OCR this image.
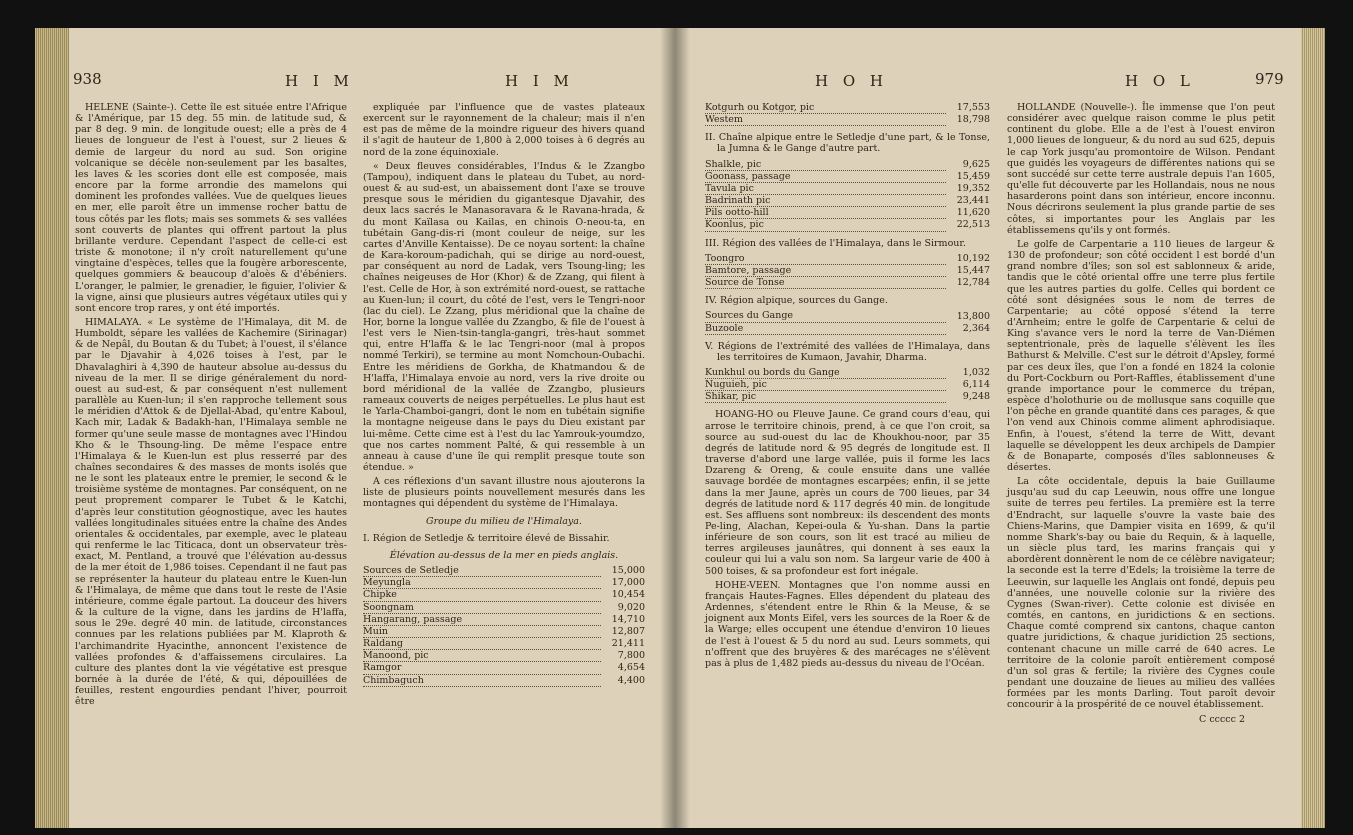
938	H I M	H I M

HELENE (Sainte-). Cette île est située entre l'Afrique & l'Amérique, par 15 deg. 55 min. de latitude sud, & par 8 deg. 9 min. de longitude ouest; elle a près de 4 lieues de longueur de l'est à l'ouest, sur 2 lieues & demie de largeur du nord au sud. Son origine volcanique se décèle non-seulement par les basaltes, les laves & les scories dont elle est composée, mais encore par la forme arrondie des mamelons qui dominent les profondes vallées. Vue de quelques lieues en mer, elle paroît être un immense rocher battu de tous côtés par les flots; mais ses sommets & ses vallées sont couverts de plantes qui offrent partout la plus brillante verdure. Cependant l'aspect de celle-ci est triste & monotone; il n'y croît naturellement qu'une vingtaine d'espèces, telles que la fougère arborescente, quelques gommiers & beaucoup d'aloès & d'ébéniers. L'oranger, le palmier, le grenadier, le figuier, l'olivier & la vigne, ainsi que plusieurs autres végétaux utiles qui y sont encore trop rares, y ont été importés.

HIMALAYA. « Le système de l'Himalaya, dit M. de Humboldt, sépare les vallées de Kachemire (Sirinagar) & de Nepâl, du Boutan & du Tubet; à l'ouest, il s'élance par le Djavahir à 4,026 toises à l'est, par le Dhavalaghiri à 4,390 de hauteur absolue au-dessus du niveau de la mer. Il se dirige généralement du nord-ouest au sud-est, & par conséquent n'est nullement parallèle au Kuen-lun; il s'en rapproche tellement sous le méridien d'Attok & de Djellal-Abad, qu'entre Kaboul, Kach mir, Ladak & Badakh-han, l'Himalaya semble ne former qu'une seule masse de montagnes avec l'Hindou Kho & le Thsoung-ling. De même l'espace entre l'Himalaya & le Kuen-lun est plus resserré par des chaînes secondaires & des masses de monts isolés que ne le sont les plateaux entre le premier, le second & le troisième système de montagnes. Par conséquent, on ne peut proprement comparer le Tubet & le Katchi, d'après leur constitution géognostique, avec les hautes vallées longitudinales situées entre la chaîne des Andes orientales & occidentales, par exemple, avec le plateau qui renferme le lac Titicaca, dont un observateur très-exact, M. Pentland, a trouvé que l'élévation au-dessus de la mer étoit de 1,986 toises. Cependant il ne faut pas se représenter la hauteur du plateau entre le Kuen-lun & l'Himalaya, de même que dans tout le reste de l'Asie intérieure, comme égale partout. La douceur des hivers & la culture de la vigne, dans les jardins de H'laffa, sous le 29e. degré 40 min. de latitude, circonstances connues par les relations publiées par M. Klaproth & l'archimandrite Hyacinthe, annoncent l'existence de vallées profondes & d'affaissemens circulaires. La culture des plantes dont la vie végétative est presque bornée à la durée de l'été, & qui, dépouillées de feuilles, restent engourdies pendant l'hiver, pourroit être

expliquée par l'influence que de vastes plateaux exercent sur le rayonnement de la chaleur; mais il n'en est pas de même de la moindre rigueur des hivers quand il s'agit de hauteur de 1,800 à 2,000 toises à 6 degrés au nord de la zone équinoxiale.

« Deux fleuves considérables, l'Indus & le Zzangbo (Tampou), indiquent dans le plateau du Tubet, au nord-ouest & au sud-est, un abaissement dont l'axe se trouve presque sous le méridien du gigantesque Djavahir, des deux lacs sacrés le Manasoravara & le Ravana-hrada, & du mont Kaïlasa ou Kailas, en chinois O-neou-ta, en tubétain Gang-dis-ri (mont couleur de neige, sur les cartes d'Anville Kentaisse). De ce noyau sortent: la chaîne de Kara-koroum-padichah, qui se dirige au nord-ouest, par conséquent au nord de Ladak, vers Tsoung-ling; les chaînes neigeuses de Hor (Khor) & de Zzang, qui filent à l'est. Celle de Hor, à son extrémité nord-ouest, se rattache au Kuen-lun; il court, du côté de l'est, vers le Tengri-noor (lac du ciel). Le Zzang, plus méridional que la chaîne de Hor, borne la longue vallée du Zzangbo, & file de l'ouest à l'est vers le Nien-tsin-tangla-gangri, très-haut sommet qui, entre H'laffa & le lac Tengri-noor (mal à propos nommé Terkiri), se termine au mont Nomchoun-Oubachi. Entre les méridiens de Gorkha, de Khatmandou & de H'laffa, l'Himalaya envoie au nord, vers la rive droite ou bord méridional de la vallée de Zzangbo, plusieurs rameaux couverts de neiges perpétuelles. Le plus haut est le Yarla-Chamboi-gangri, dont le nom en tubétain signifie la montagne neigeuse dans le pays du Dieu existant par lui-même. Cette cime est à l'est du lac Yamrouk-youmdzo, que nos cartes nomment Palté, & qui ressemble à un anneau à cause d'une île qui remplit presque toute son étendue. »

A ces réflexions d'un savant illustre nous ajouterons la liste de plusieurs points nouvellement mesurés dans les montagnes qui dépendent du système de l'Himalaya.

Groupe du milieu de l'Himalaya.
I. Région de Setledje & territoire élevé de Bissahir.
Élévation au-dessus de la mer en pieds anglais.
Sources de Setledje	15,000
Meyungla	17,000
Chipke	10,454
Soongnam	9,020
Hangarang, passage	14,710
Muin	12,807
Raldang	21,411
Manoond, pic	7,800
Ramgor	4,654
Chimbaguch	4,400
H O H	H O L	979
Kotgurh ou Kotgor, pic	17,553
Westem	18,798
II. Chaîne alpique entre le Setledje d'une part, & le Tonse, la Jumna & le Gange d'autre part.
Shalkle, pic	9,625
Goonass, passage	15,459
Tavula pic	19,352
Badrinath pic	23,441
Pils ootto-hill	11,620
Koonlus, pic	22,513
III. Région des vallées de l'Himalaya, dans le Sirmour.
Toongro	10,192
Bamtore, passage	15,447
Source de Tonse	12,784
IV. Région alpique, sources du Gange.
Sources du Gange	13,800
Buzoole	2,364
V. Régions de l'extrémité des vallées de l'Himalaya, dans les territoires de Kumaon, Javahir, Dharma.
Kunkhul ou bords du Gange	1,032
Nuguieh, pic	6,114
Shikar, pic	9,248

HOANG-HO ou Fleuve Jaune. Ce grand cours d'eau, qui arrose le territoire chinois, prend, à ce que l'on croit, sa source au sud-ouest du lac de Khoukhou-noor, par 35 degrés de latitude nord & 95 degrés de longitude est. Il traverse d'abord une large vallée, puis il forme les lacs Dzareng & Oreng, & coule ensuite dans une vallée sauvage bordée de montagnes escarpées; enfin, il se jette dans la mer Jaune, après un cours de 700 lieues, par 34 degrés de latitude nord & 117 degrés 40 min. de longitude est. Ses affluens sont nombreux: ils descendent des monts Pe-ling, Alachan, Kepei-oula & Yu-shan. Dans la partie inférieure de son cours, son lit est tracé au milieu de terres argileuses jaunâtres, qui donnent à ses eaux la couleur qui lui a valu son nom. Sa largeur varie de 400 à 500 toises, & sa profondeur est fort inégale.

HOHE-VEEN. Montagnes que l'on nomme aussi en français Hautes-Fagnes. Elles dépendent du plateau des Ardennes, s'étendent entre le Rhin & la Meuse, & se joignent aux Monts Eifel, vers les sources de la Roer & de la Warge; elles occupent une étendue d'environ 10 lieues de l'est à l'ouest & 5 du nord au sud. Leurs sommets, qui n'offrent que des bruyères & des marécages ne s'élèvent pas à plus de 1,482 pieds au-dessus du niveau de l'Océan.

HOLLANDE (Nouvelle-). Île immense que l'on peut considérer avec quelque raison comme le plus petit continent du globe. Elle a de l'est à l'ouest environ 1,000 lieues de longueur, & du nord au sud 625, depuis le cap York jusqu'au promontoire de Wilson. Pendant que guidés les voyageurs de différentes nations qui se sont succédé sur cette terre australe depuis l'an 1605, qu'elle fut découverte par les Hollandais, nous ne nous hasarderons point dans son intérieur, encore inconnu. Nous décrirons seulement la plus grande partie de ses côtes, si importantes pour les Anglais par les établissemens qu'ils y ont formés.

Le golfe de Carpentarie a 110 lieues de largeur & 130 de profondeur; son côté occident l est bordé d'un grand nombre d'îles; son sol est sablonneux & aride, tandis que le côté oriental offre une terre plus fertile que les autres parties du golfe. Celles qui bordent ce côté sont désignées sous le nom de terres de Carpentarie; au côté opposé s'étend la terre d'Arnheim; entre le golfe de Carpentarie & celui de King s'avance vers le nord la terre de Van-Diémen septentrionale, près de laquelle s'élèvent les îles Bathurst & Melville. C'est sur le détroit d'Apsley, formé par ces deux îles, que l'on a fondé en 1824 la colonie du Port-Cockburn ou Port-Raffles, établissement d'une grande importance pour le commerce du trépan, espèce d'holothurie ou de mollusque sans coquille que l'on pêche en grande quantité dans ces parages, & que l'on vend aux Chinois comme aliment aphrodisiaque. Enfin, à l'ouest, s'étend la terre de Witt, devant laquelle se développent les deux archipels de Dampier & de Bonaparte, composés d'îles sablonneuses & désertes.

La côte occidentale, depuis la baie Guillaume jusqu'au sud du cap Leeuwin, nous offre une longue suite de terres peu fertiles. La première est la terre d'Endracht, sur laquelle s'ouvre la vaste baie des Chiens-Marins, que Dampier visita en 1699, & qu'il nomme Shark's-bay ou baie du Requin, & à laquelle, un siècle plus tard, les marins français qui y abordèrent donnèrent le nom de ce célèbre navigateur; la seconde est la terre d'Edels; la troisième la terre de Leeuwin, sur laquelle les Anglais ont fondé, depuis peu d'années, une nouvelle colonie sur la rivière des Cygnes (Swan-river). Cette colonie est divisée en comtés, en cantons, en juridictions & en sections. Chaque comté comprend six cantons, chaque canton quatre juridictions, & chaque juridiction 25 sections, contenant chacune un mille carré de 640 acres. Le territoire de la colonie paroît entièrement composé d'un sol gras & fertile; la rivière des Cygnes coule pendant une douzaine de lieues au milieu des vallées formées par les monts Darling. Tout paroît devoir concourir à la prospérité de ce nouvel établissement.

C ccccc 2
